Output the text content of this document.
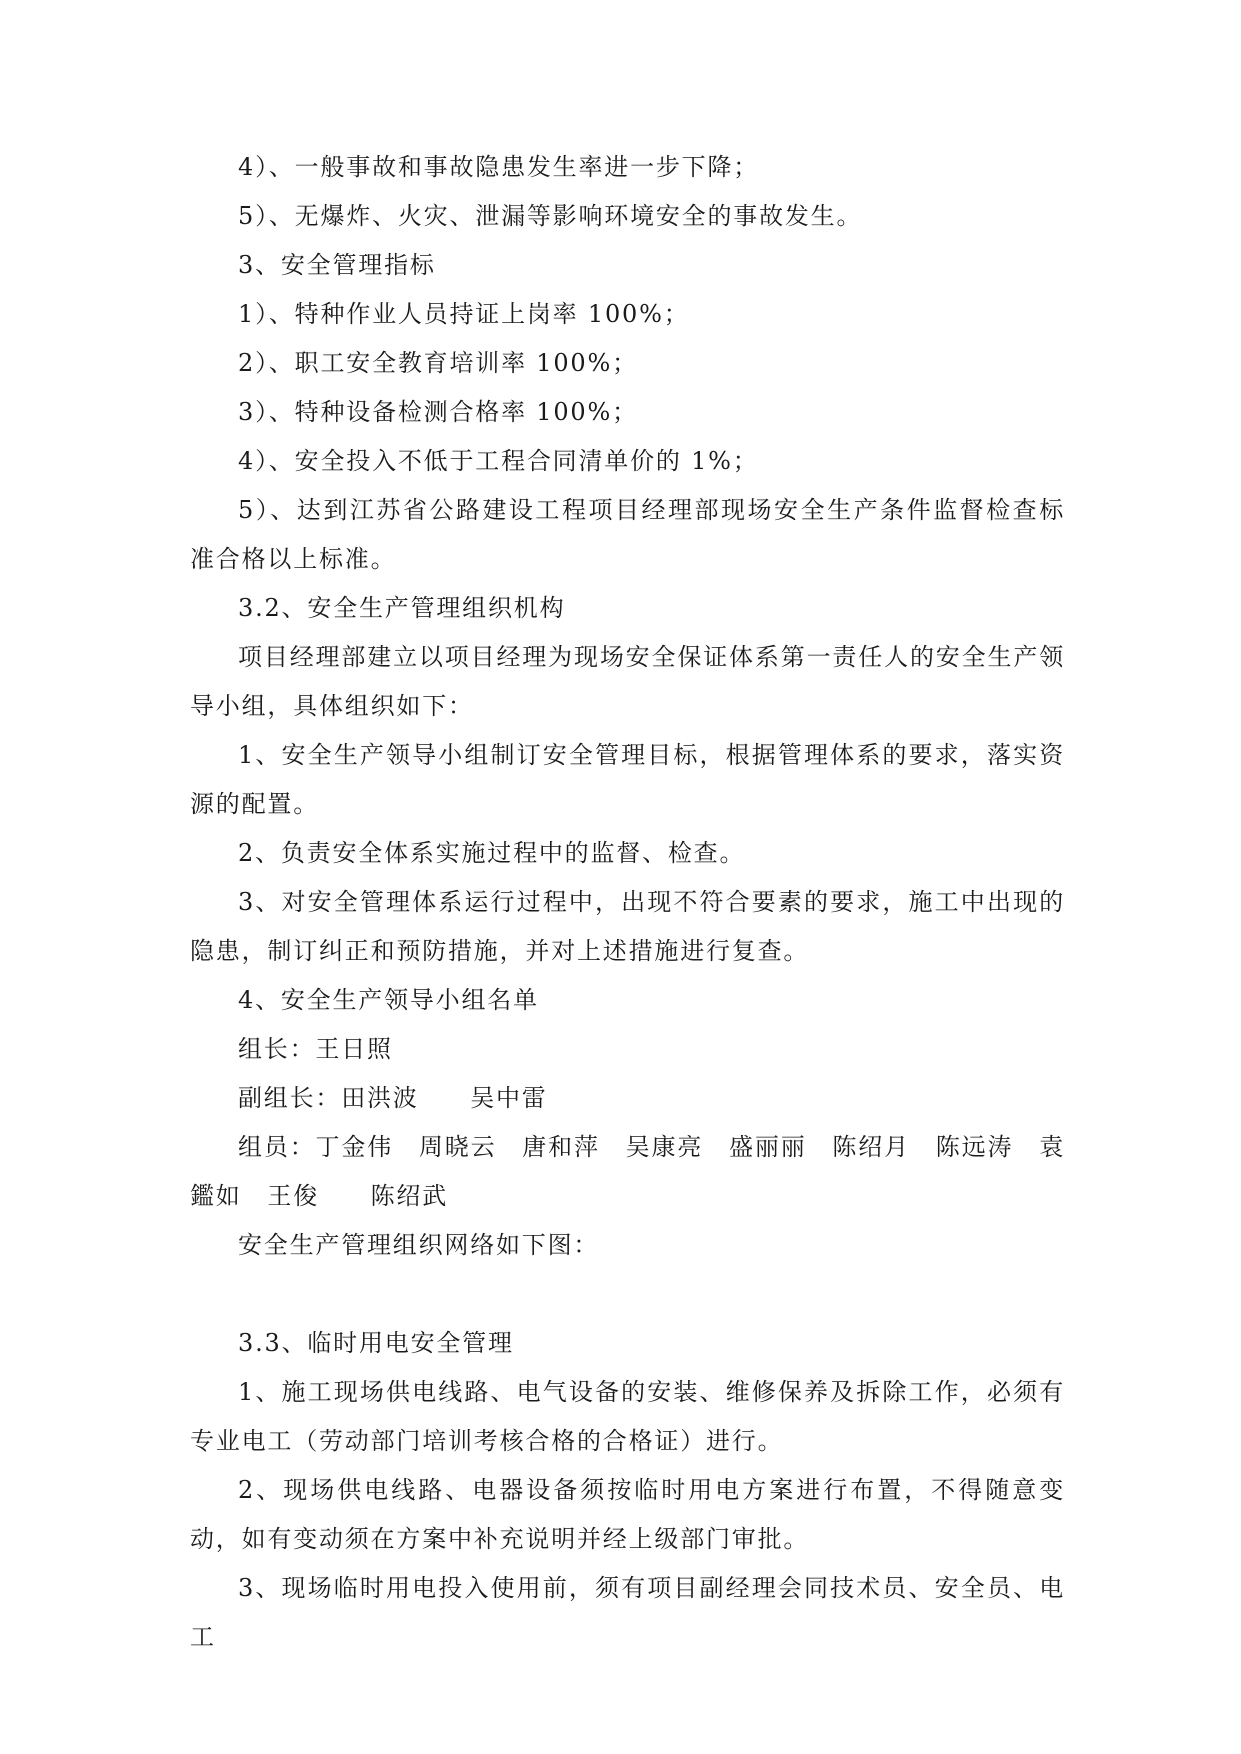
4）、一般事故和事故隐患发生率进一步下降；

5）、无爆炸、火灾、泄漏等影响环境安全的事故发生。

3、安全管理指标

1）、特种作业人员持证上岗率 100%；

2）、职工安全教育培训率 100%；

3）、特种设备检测合格率 100%；

4）、安全投入不低于工程合同清单价的 1%；

5）、达到江苏省公路建设工程项目经理部现场安全生产条件监督检查标准合格以上标准。

3.2、安全生产管理组织机构

项目经理部建立以项目经理为现场安全保证体系第一责任人的安全生产领导小组，具体组织如下：

1、安全生产领导小组制订安全管理目标，根据管理体系的要求，落实资源的配置。

2、负责安全体系实施过程中的监督、检查。

3、对安全管理体系运行过程中，出现不符合要素的要求，施工中出现的隐患，制订纠正和预防措施，并对上述措施进行复查。

4、安全生产领导小组名单

组长：王日照

副组长：田洪波　　吴中雷

组员：丁金伟　周晓云　唐和萍　吴康亮　盛丽丽　陈绍月　陈远涛　袁鑑如　王俊　　陈绍武

安全生产管理组织网络如下图：

3.3、临时用电安全管理

1、施工现场供电线路、电气设备的安装、维修保养及拆除工作，必须有专业电工（劳动部门培训考核合格的合格证）进行。

2、现场供电线路、电器设备须按临时用电方案进行布置，不得随意变动，如有变动须在方案中补充说明并经上级部门审批。

3、现场临时用电投入使用前，须有项目副经理会同技术员、安全员、电工
